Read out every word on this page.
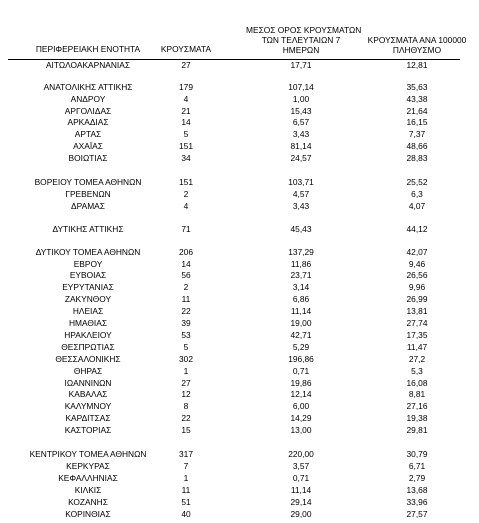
ΠΕΡΙΦΕΡΕΙΑΚΗ ΕΝΟΤΗΤΑ	ΚΡΟΥΣΜΑΤΑ
ΜΕΣΟΣ ΟΡΟΣ ΚΡΟΥΣΜΑΤΩΝ
ΤΩΝ ΤΕΛΕΥΤΑΙΩΝ 7
ΗΜΕΡΩΝ
ΚΡΟΥΣΜΑΤΑ ΑΝΑ 100000
ΠΛΗΘΥΣΜΟ
ΑΙΤΩΛΟΑΚΑΡΝΑΝΙΑΣ	27	17,71	12,81
ΑΝΑΤΟΛΙΚΗΣ ΑΤΤΙΚΗΣ	179	107,14	35,63
ΑΝΔΡΟΥ	4	1,00	43,38
ΑΡΓΟΛΙΔΑΣ	21	15,43	21,64
ΑΡΚΑΔΙΑΣ	14	6,57	16,15
ΑΡΤΑΣ	5	3,43	7,37
ΑΧΑΪΑΣ	151	81,14	48,66
ΒΟΙΩΤΙΑΣ	34	24,57	28,83
ΒΟΡΕΙΟΥ ΤΟΜΕΑ ΑΘΗΝΩΝ	151	103,71	25,52
ΓΡΕΒΕΝΩΝ	2	4,57	6,3
ΔΡΑΜΑΣ	4	3,43	4,07
ΔΥΤΙΚΗΣ ΑΤΤΙΚΗΣ	71	45,43	44,12
ΔΥΤΙΚΟΥ ΤΟΜΕΑ ΑΘΗΝΩΝ	206	137,29	42,07
ΕΒΡΟΥ	14	11,86	9,46
ΕΥΒΟΙΑΣ	56	23,71	26,56
ΕΥΡΥΤΑΝΙΑΣ	2	3,14	9,96
ΖΑΚΥΝΘΟΥ	11	6,86	26,99
ΗΛΕΙΑΣ	22	11,14	13,81
ΗΜΑΘΙΑΣ	39	19,00	27,74
ΗΡΑΚΛΕΙΟΥ	53	42,71	17,35
ΘΕΣΠΡΩΤΙΑΣ	5	5,29	11,47
ΘΕΣΣΑΛΟΝΙΚΗΣ	302	196,86	27,2
ΘΗΡΑΣ	1	0,71	5,3
ΙΩΑΝΝΙΝΩΝ	27	19,86	16,08
ΚΑΒΑΛΑΣ	12	12,14	8,81
ΚΑΛΥΜΝΟΥ	8	6,00	27,16
ΚΑΡΔΙΤΣΑΣ	22	14,29	19,38
ΚΑΣΤΟΡΙΑΣ	15	13,00	29,81
ΚΕΝΤΡΙΚΟΥ ΤΟΜΕΑ ΑΘΗΝΩΝ	317	220,00	30,79
ΚΕΡΚΥΡΑΣ	7	3,57	6,71
ΚΕΦΑΛΛΗΝΙΑΣ	1	0,71	2,79
ΚΙΛΚΙΣ	11	11,14	13,68
ΚΟΖΑΝΗΣ	51	29,14	33,96
ΚΟΡΙΝΘΙΑΣ	40	29,00	27,57
